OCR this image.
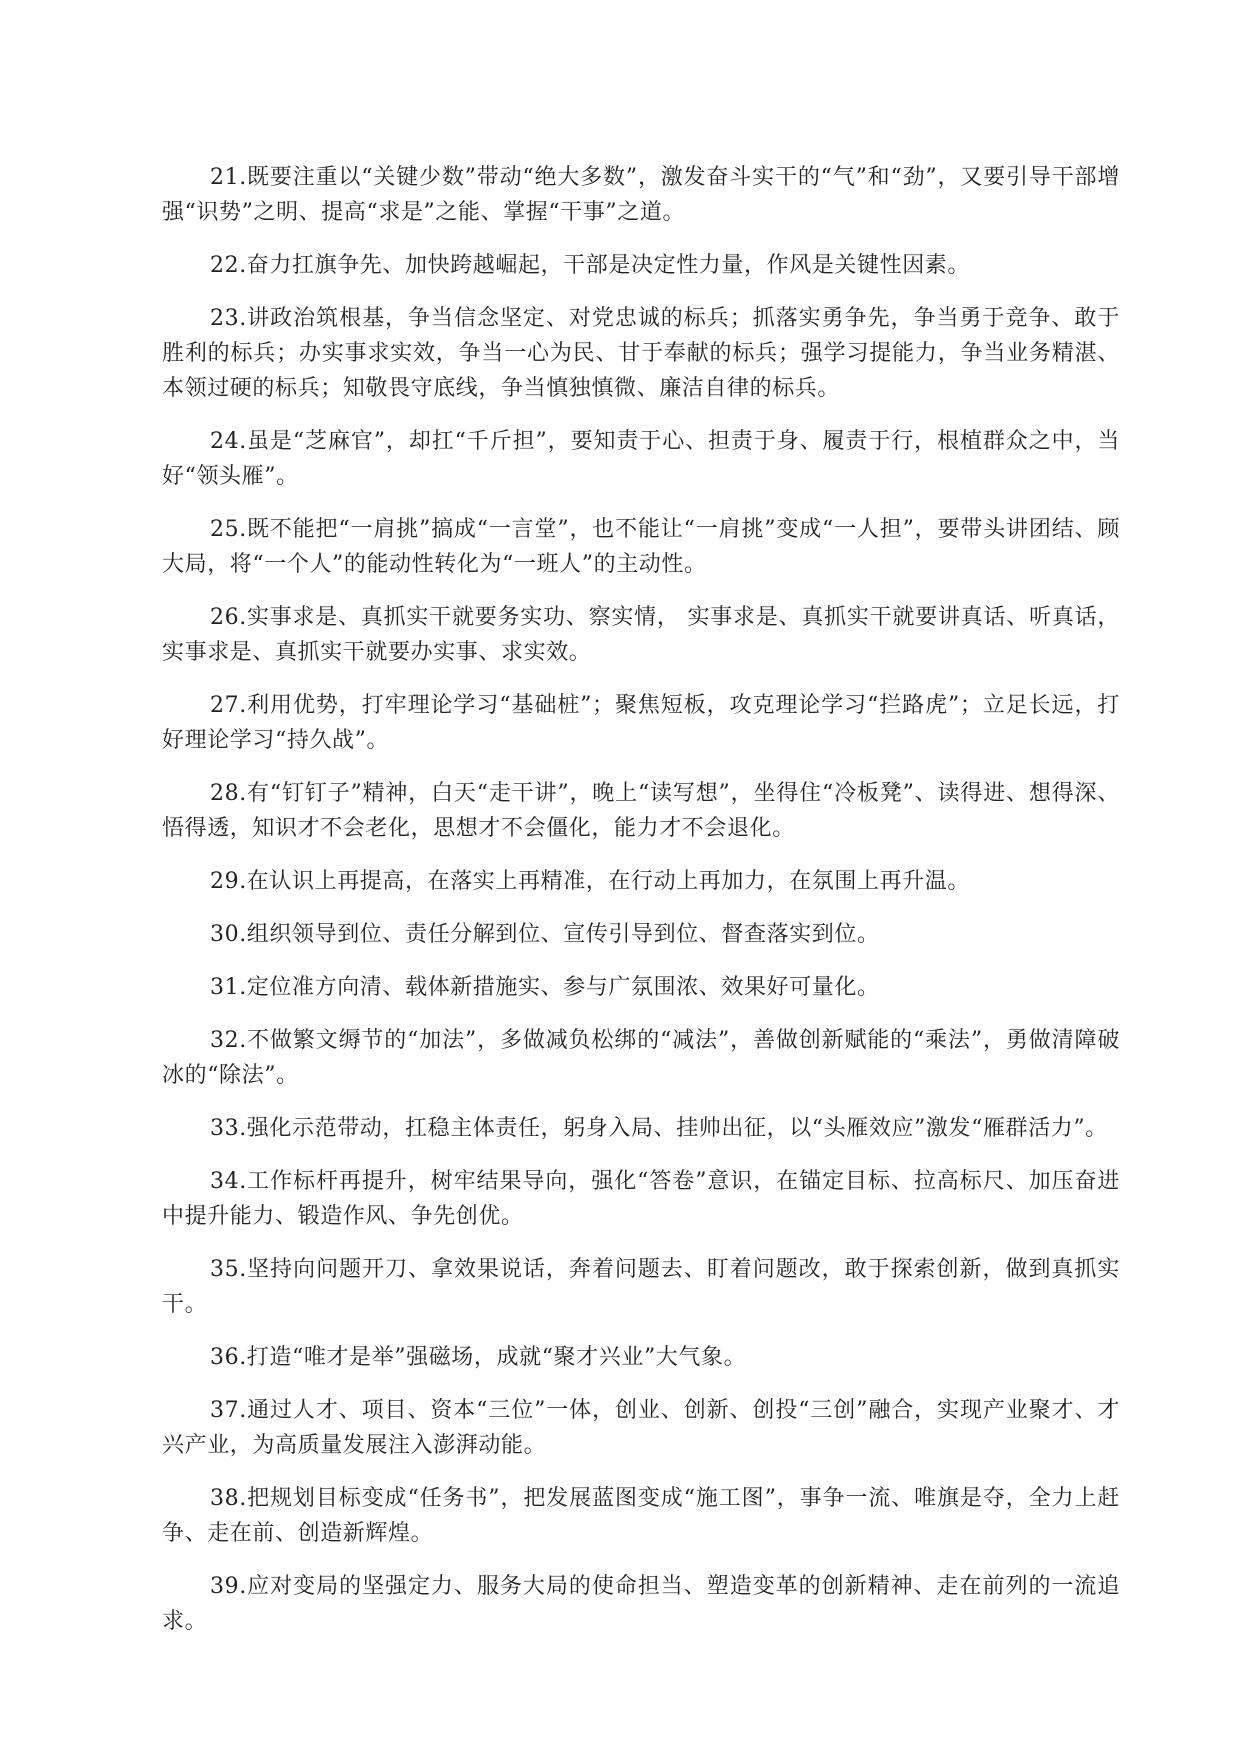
21.既要注重以“关键少数”带动“绝大多数”，激发奋斗实干的“气”和“劲”，又要引导干部增强“识势”之明、提高“求是”之能、掌握“干事”之道。

22.奋力扛旗争先、加快跨越崛起，干部是决定性力量，作风是关键性因素。

23.讲政治筑根基，争当信念坚定、对党忠诚的标兵；抓落实勇争先，争当勇于竞争、敢于胜利的标兵；办实事求实效，争当一心为民、甘于奉献的标兵；强学习提能力，争当业务精湛、本领过硬的标兵；知敬畏守底线，争当慎独慎微、廉洁自律的标兵。

24.虽是“芝麻官”，却扛“千斤担”，要知责于心、担责于身、履责于行，根植群众之中，当好“领头雁”。

25.既不能把“一肩挑”搞成“一言堂”，也不能让“一肩挑”变成“一人担”，要带头讲团结、顾大局，将“一个人”的能动性转化为“一班人”的主动性。

26.实事求是、真抓实干就要务实功、察实情， 实事求是、真抓实干就要讲真话、听真话，实事求是、真抓实干就要办实事、求实效。

27.利用优势，打牢理论学习“基础桩”；聚焦短板，攻克理论学习“拦路虎”；立足长远，打好理论学习“持久战”。

28.有“钉钉子”精神，白天“走干讲”，晚上“读写想”，坐得住“冷板凳”、读得进、想得深、悟得透，知识才不会老化，思想才不会僵化，能力才不会退化。

29.在认识上再提高，在落实上再精准，在行动上再加力，在氛围上再升温。

30.组织领导到位、责任分解到位、宣传引导到位、督查落实到位。

31.定位准方向清、载体新措施实、参与广氛围浓、效果好可量化。

32.不做繁文缛节的“加法”，多做减负松绑的“减法”，善做创新赋能的“乘法”，勇做清障破冰的“除法”。

33.强化示范带动，扛稳主体责任，躬身入局、挂帅出征，以“头雁效应”激发“雁群活力”。

34.工作标杆再提升，树牢结果导向，强化“答卷”意识，在锚定目标、拉高标尺、加压奋进中提升能力、锻造作风、争先创优。

35.坚持向问题开刀、拿效果说话，奔着问题去、盯着问题改，敢于探索创新，做到真抓实干。

36.打造“唯才是举”强磁场，成就“聚才兴业”大气象。

37.通过人才、项目、资本“三位”一体，创业、创新、创投“三创”融合，实现产业聚才、才兴产业，为高质量发展注入澎湃动能。

38.把规划目标变成“任务书”，把发展蓝图变成“施工图”，事争一流、唯旗是夺，全力上赶争、走在前、创造新辉煌。

39.应对变局的坚强定力、服务大局的使命担当、塑造变革的创新精神、走在前列的一流追求。
